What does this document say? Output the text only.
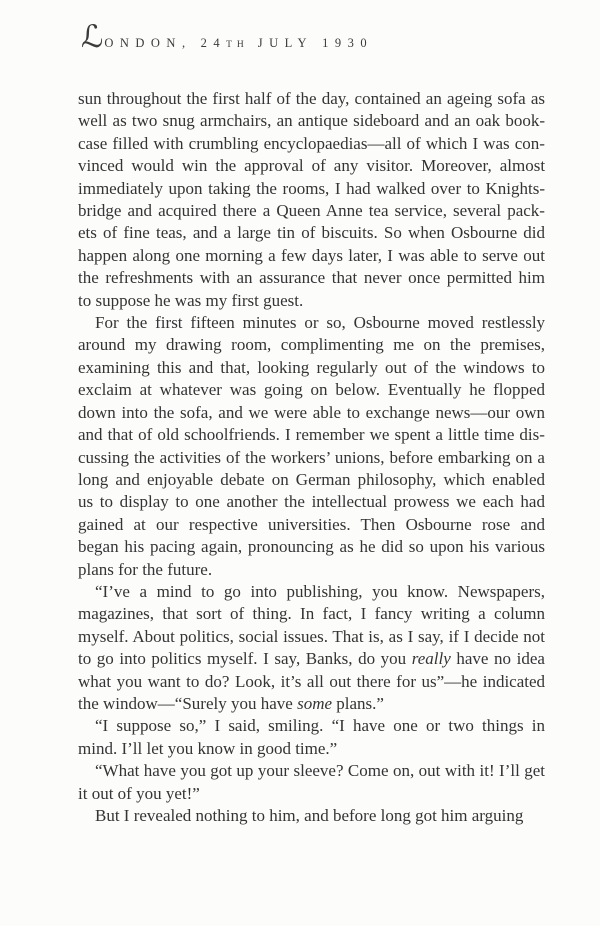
ℒ ONDON, 24 TH JULY 1930
sun throughout the first half of the day, contained an ageing sofa as
well as two snug armchairs, an antique sideboard and an oak book-
case filled with crumbling encyclopaedias—all of which I was con-
vinced would win the approval of any visitor. Moreover, almost
immediately upon taking the rooms, I had walked over to Knights-
bridge and acquired there a Queen Anne tea service, several pack-
ets of fine teas, and a large tin of biscuits. So when Osbourne did
happen along one morning a few days later, I was able to serve out
the refreshments with an assurance that never once permitted him
to suppose he was my first guest.
For the first fifteen minutes or so, Osbourne moved restlessly
around my drawing room, complimenting me on the premises,
examining this and that, looking regularly out of the windows to
exclaim at whatever was going on below. Eventually he flopped
down into the sofa, and we were able to exchange news—our own
and that of old schoolfriends. I remember we spent a little time dis-
cussing the activities of the workers’ unions, before embarking on a
long and enjoyable debate on German philosophy, which enabled
us to display to one another the intellectual prowess we each had
gained at our respective universities. Then Osbourne rose and
began his pacing again, pronouncing as he did so upon his various
plans for the future.
“I’ve a mind to go into publishing, you know. Newspapers,
magazines, that sort of thing. In fact, I fancy writing a column
myself. About politics, social issues. That is, as I say, if I decide not
to go into politics myself. I say, Banks, do you really have no idea
what you want to do? Look, it’s all out there for us”—he indicated
the window—“Surely you have some plans.”
“I suppose so,” I said, smiling. “I have one or two things in
mind. I’ll let you know in good time.”
“What have you got up your sleeve? Come on, out with it! I’ll get
it out of you yet!”
But I revealed nothing to him, and before long got him arguing
